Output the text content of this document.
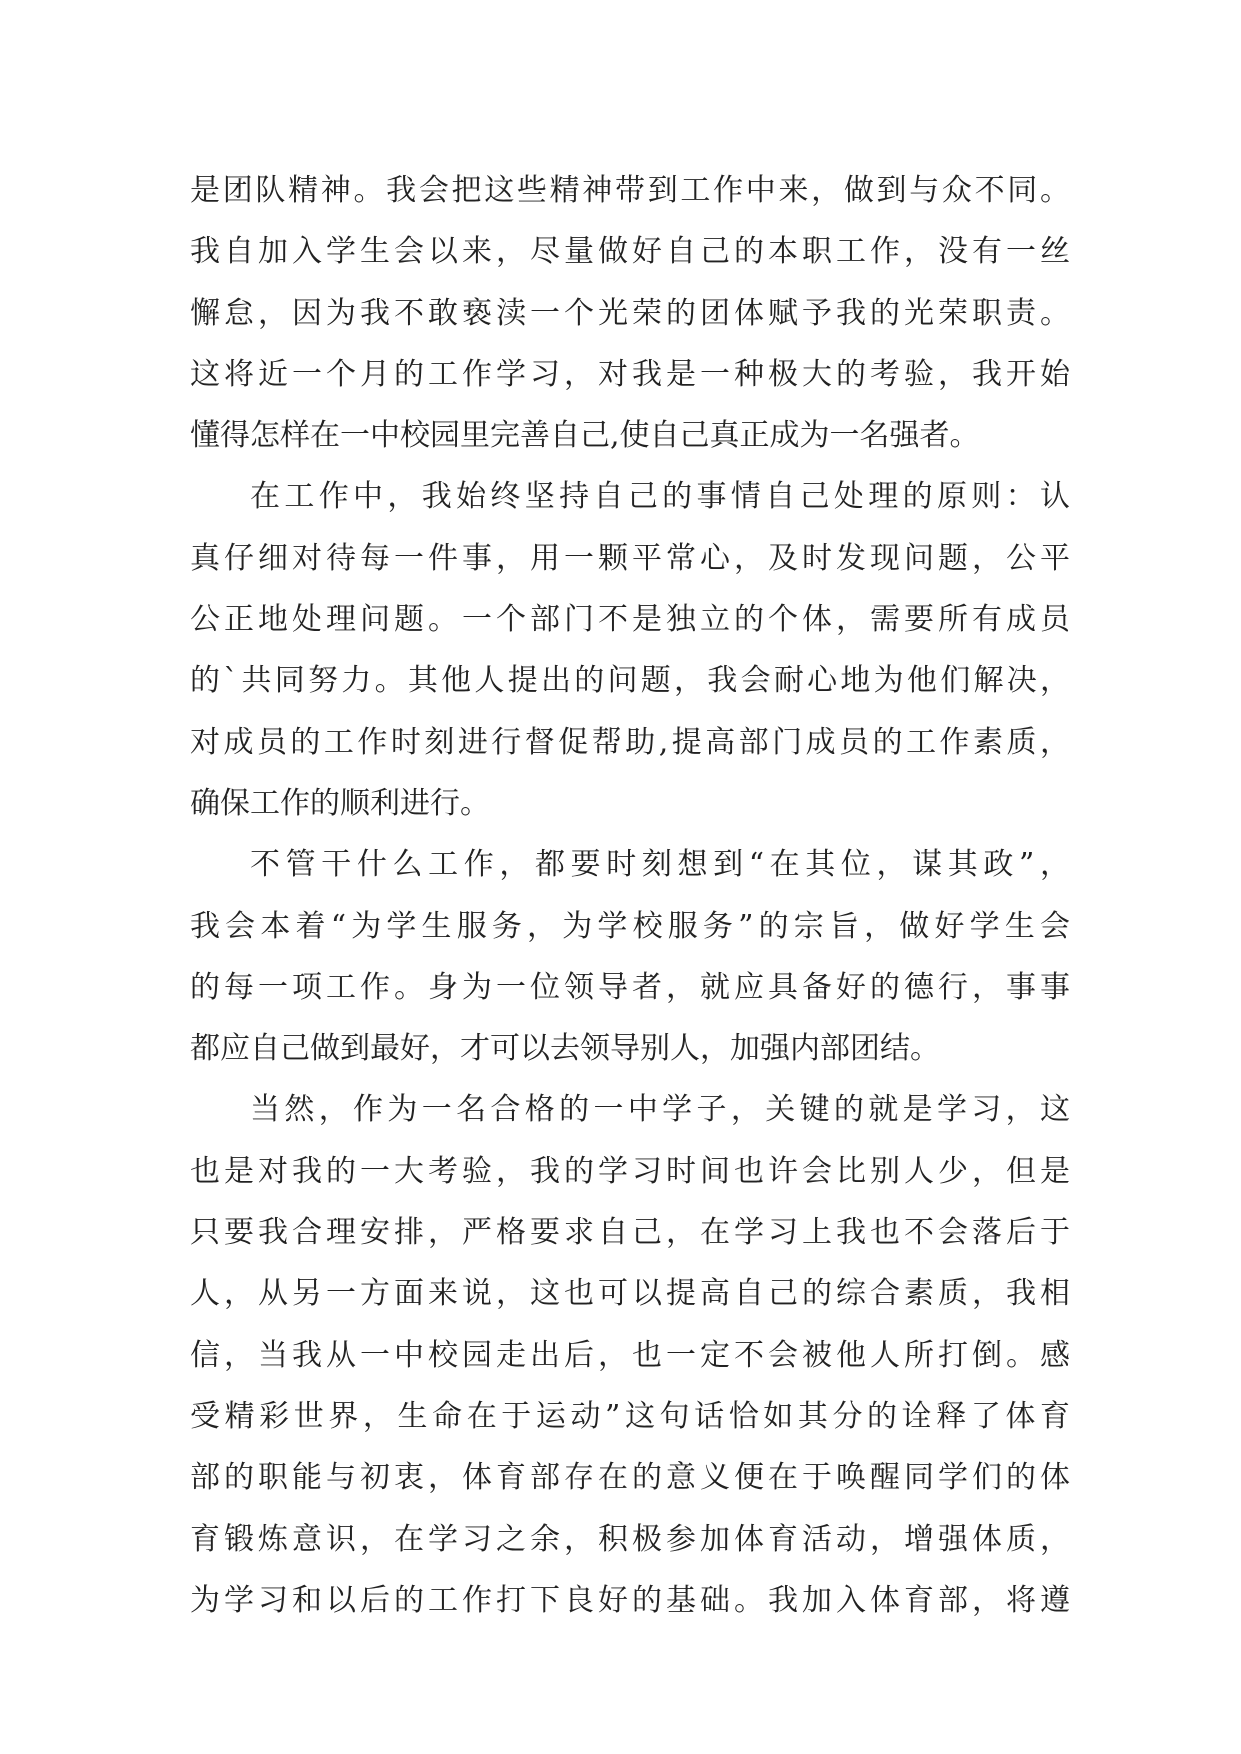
是团队精神。我会把这些精神带到工作中来，做到与众不同。
我自加入学生会以来，尽量做好自己的本职工作，没有一丝
懈怠，因为我不敢亵渎一个光荣的团体赋予我的光荣职责。
这将近一个月的工作学习，对我是一种极大的考验，我开始
懂得怎样在一中校园里完善自己,使自己真正成为一名强者。
在工作中，我始终坚持自己的事情自己处理的原则：认
真仔细对待每一件事，用一颗平常心，及时发现问题，公平
公正地处理问题。一个部门不是独立的个体，需要所有成员
的`共同努力。其他人提出的问题，我会耐心地为他们解决，
对成员的工作时刻进行督促帮助,提高部门成员的工作素质，
确保工作的顺利进行。
不管干什么工作，都要时刻想到“在其位，谋其政”，
我会本着“为学生服务，为学校服务”的宗旨，做好学生会
的每一项工作。身为一位领导者，就应具备好的德行，事事
都应自己做到最好，才可以去领导别人，加强内部团结。
当然，作为一名合格的一中学子，关键的就是学习，这
也是对我的一大考验，我的学习时间也许会比别人少，但是
只要我合理安排，严格要求自己，在学习上我也不会落后于
人，从另一方面来说，这也可以提高自己的综合素质，我相
信，当我从一中校园走出后，也一定不会被他人所打倒。感
受精彩世界，生命在于运动”这句话恰如其分的诠释了体育
部的职能与初衷，体育部存在的意义便在于唤醒同学们的体
育锻炼意识，在学习之余，积极参加体育活动，增强体质，
为学习和以后的工作打下良好的基础。我加入体育部，将遵
